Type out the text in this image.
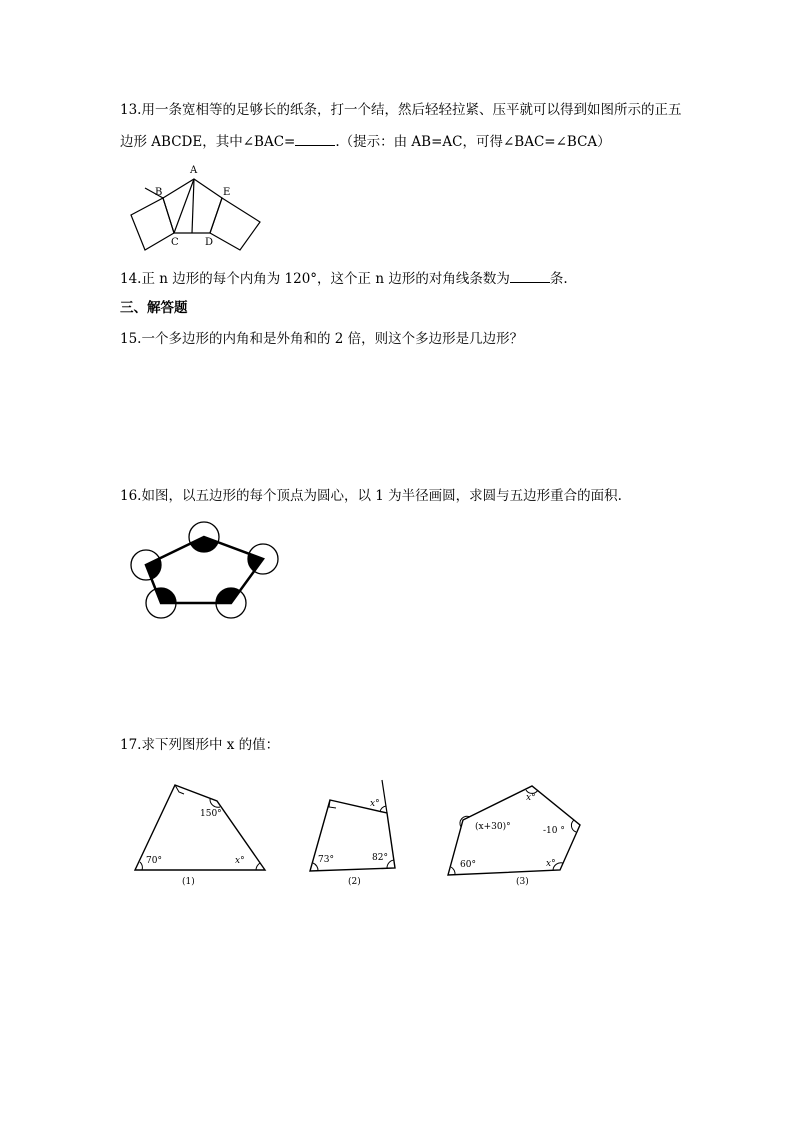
13.用一条宽相等的足够长的纸条，打一个结，然后轻轻拉紧、压平就可以得到如图所示的正五
边形 ABCDE，其中∠BAC=	.（提示：由 AB=AC，可得∠BAC=∠BCA）
A
B
C	D
E
14.正 n 边形的每个内角为 120°，这个正 n 边形的对角线条数为	条.
三、解答题
15.一个多边形的内角和是外角和的 2 倍，则这个多边形是几边形？
16.如图，以五边形的每个顶点为圆心，以 1 为半径画圆，求圆与五边形重合的面积.
17.求下列图形中 x 的值：
150°
70°	x°
(1)
x°
73°	82°
(2)
x°
(x+30)°	-10 °
60°	x°
(3)
